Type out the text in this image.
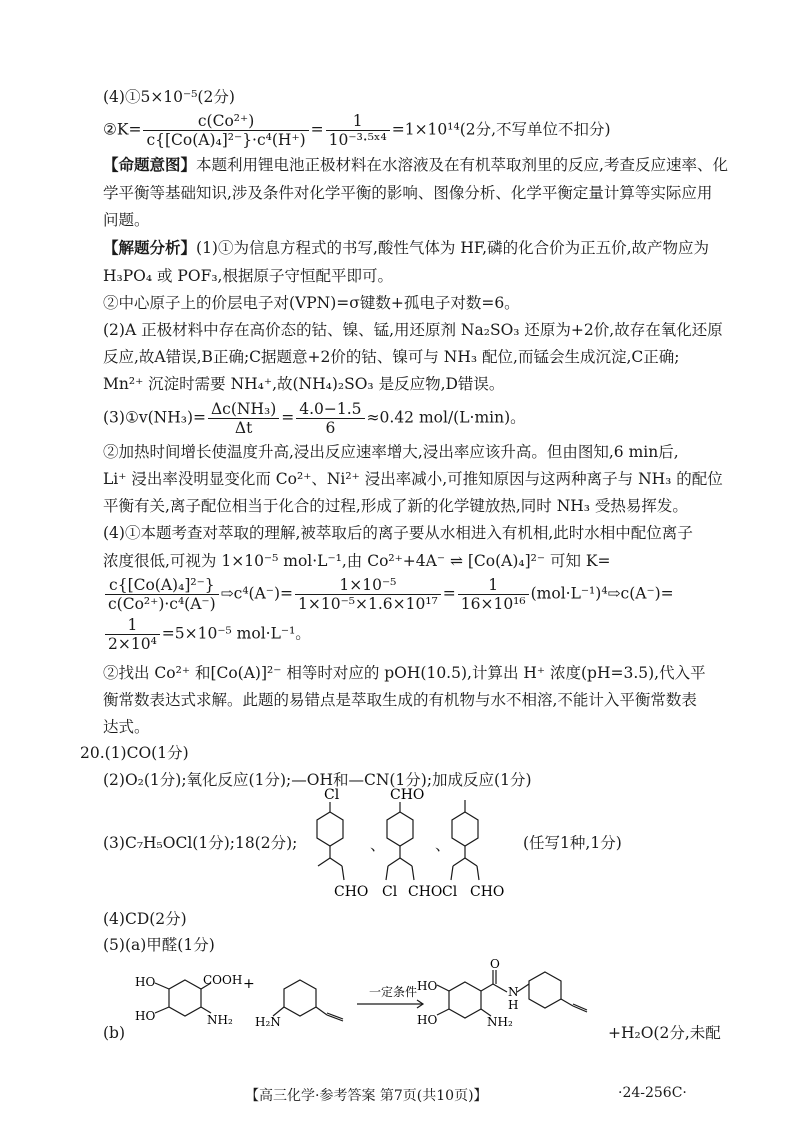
(4)①5×10⁻⁵(2分)
②K= $\frac{\text{c(Co²⁺)}}{\text{c\{[Co(A)₄]²⁻\}·c⁴(H⁺)}} = \frac{1}{\text{10⁻³·⁵ˣ⁴}} =1\times 10^{14}(2$分,不写单位不扣分)
【命题意图】本题利用锂电池正极材料在水溶液及在有机萃取剂里的反应,考查反应速率、化
学平衡等基础知识,涉及条件对化学平衡的影响、图像分析、化学平衡定量计算等实际应用
问题。
【解题分析】(1)①为信息方程式的书写,酸性气体为 HF,磷的化合价为正五价,故产物应为
H₃PO₄ 或 POF₃,根据原子守恒配平即可。
②中心原子上的价层电子对(VPN)=σ键数+孤电子对数=6。
(2)A 正极材料中存在高价态的钴、镍、锰,用还原剂 Na₂SO₃ 还原为+2价,故存在氧化还原
反应,故A错误,B正确;C据题意+2价的钴、镍可与 NH₃ 配位,而锰会生成沉淀,C正确;
Mn²⁺ 沉淀时需要 NH₄⁺,故(NH₄)₂SO₃ 是反应物,D错误。
(3)①v(NH₃)= $\frac{\text{Δc(NH₃)}}{\Delta t} = \frac{4.0-1.5}{6} \approx 0.42$ mol/(L·min)。
②加热时间增长使温度升高,浸出反应速率增大,浸出率应该升高。但由图知,6 min后,
Li⁺ 浸出率没明显变化而 Co²⁺、Ni²⁺ 浸出率减小,可推知原因与这两种离子与 NH₃ 的配位
平衡有关,离子配位相当于化合的过程,形成了新的化学键放热,同时 NH₃ 受热易挥发。
(4)①本题考查对萃取的理解,被萃取后的离子要从水相进入有机相,此时水相中配位离子
浓度很低,可视为 1×10⁻⁵ mol·L⁻¹,由 Co²⁺+4A⁻ ⇌ [Co(A)₄]²⁻ 可知 K=
$\frac{\text{c\{[Co(A)₄]²⁻\}}}{\text{c(Co²⁺)·c⁴(A⁻)}}$ ⇨c⁴(A⁻)= $\frac{\text{1×10⁻⁵}}{\text{1×10⁻⁵×1.6×10¹⁷}} = \frac{1}{\text{16×10¹⁶}}$ (mol·L⁻¹)⁴⇨c(A⁻)=
$\frac{1}{\text{2×10⁴}} =5\times 10^{-5}$ mol·L⁻¹。
②找出 Co²⁺ 和[Co(A)]²⁻ 相等时对应的 pOH(10.5),计算出 H⁺ 浓度(pH=3.5),代入平
衡常数表达式求解。此题的易错点是萃取生成的有机物与水不相溶,不能计入平衡常数表
达式。
20.(1)CO(1分)
(2)O₂(1分);氧化反应(1分);—OH和—CN(1分);加成反应(1分)
(3)C₇H₅OCl(1分);18(2分);	(任写1种,1分)
Cl
CHO
CHO
Cl CHO Cl CHO
、	、
(4)CD(2分)
(5)(a)甲醛(1分)
(b)
HO
HO
COOH
NH₂
+
H₂N
一定条件 HO
HO
O
N
H
NH₂
+H₂O(2分,未配
【高三化学·参考答案 第7页(共10页)】	·24-256C·
